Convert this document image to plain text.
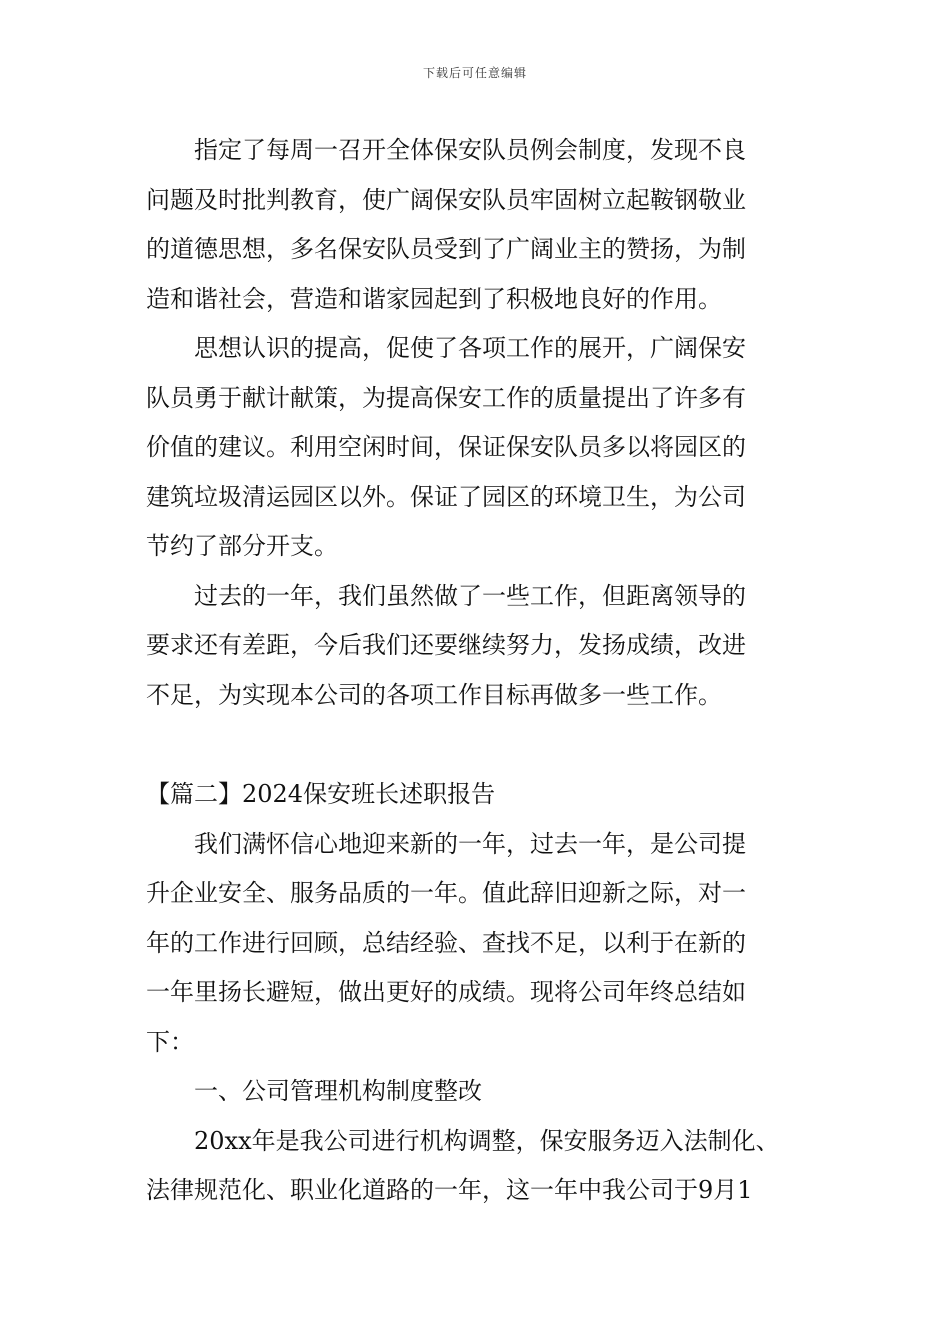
下载后可任意编辑

指定了每周一召开全体保安队员例会制度，发现不良

问题及时批判教育，使广阔保安队员牢固树立起鞍钢敬业
的道德思想，多名保安队员受到了广阔业主的赞扬，为制
造和谐社会，营造和谐家园起到了积极地良好的作用。

思想认识的提高，促使了各项工作的展开，广阔保安

队员勇于献计献策，为提高保安工作的质量提出了许多有
价值的建议。利用空闲时间，保证保安队员多以将园区的
建筑垃圾清运园区以外。保证了园区的环境卫生，为公司
节约了部分开支。

过去的一年，我们虽然做了一些工作，但距离领导的

要求还有差距，今后我们还要继续努力，发扬成绩，改进
不足，为实现本公司的各项工作目标再做多一些工作。

【篇二】2024保安班长述职报告

我们满怀信心地迎来新的一年，过去一年，是公司提

升企业安全、服务品质的一年。值此辞旧迎新之际，对一
年的工作进行回顾，总结经验、查找不足，以利于在新的
一年里扬长避短，做出更好的成绩。现将公司年终总结如
下：

一、公司管理机构制度整改

20xx年是我公司进行机构调整，保安服务迈入法制化、

法律规范化、职业化道路的一年，这一年中我公司于9月1
